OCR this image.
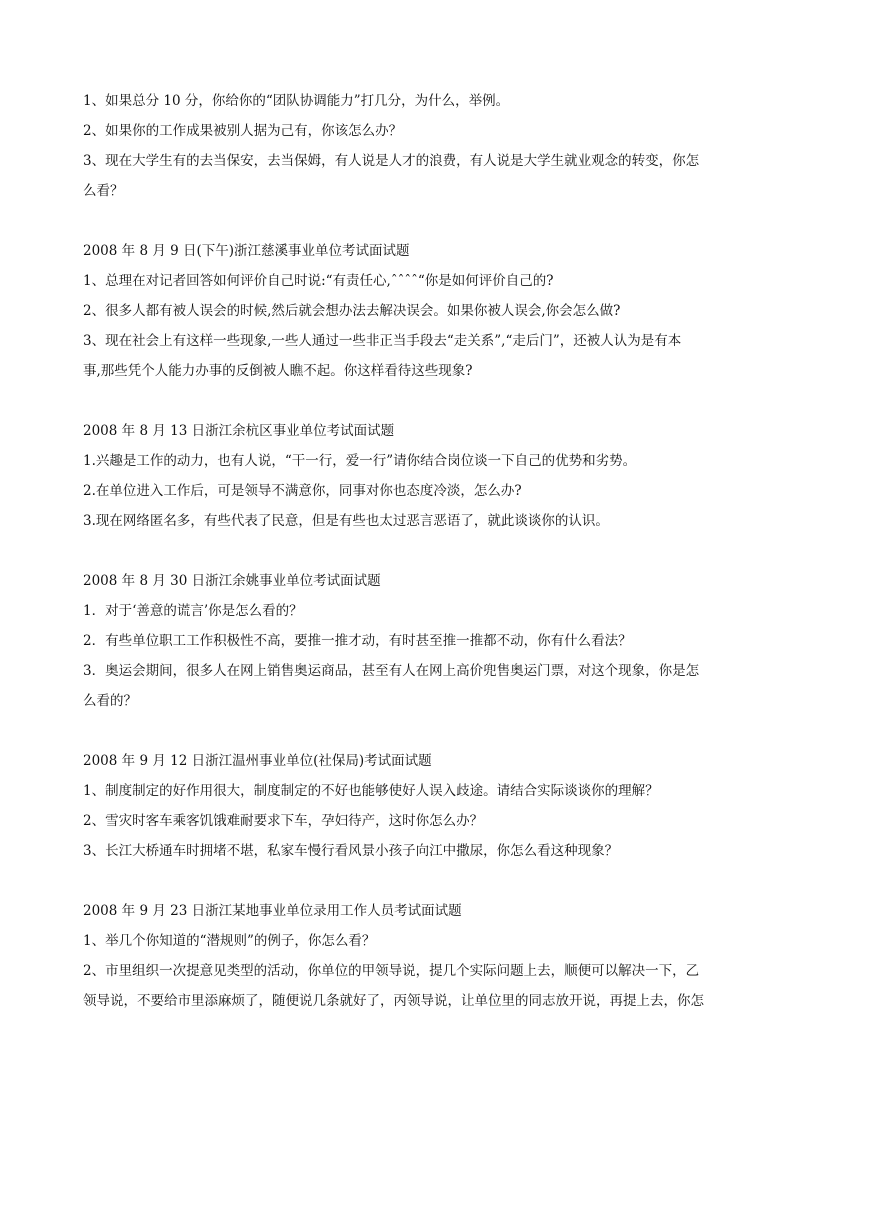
1、如果总分 10 分，你给你的“团队协调能力”打几分，为什么，举例。

2、如果你的工作成果被别人据为己有，你该怎么办？

3、现在大学生有的去当保安，去当保姆，有人说是人才的浪费，有人说是大学生就业观念的转变，你怎

么看？

2008 年 8 月 9 日(下午)浙江慈溪事业单位考试面试题

1、总理在对记者回答如何评价自己时说:“有责任心,ˆˆˆˆ“你是如何评价自己的?

2、很多人都有被人误会的时候,然后就会想办法去解决误会。如果你被人误会,你会怎么做?

3、现在社会上有这样一些现象,一些人通过一些非正当手段去“走关系”,“走后门”，还被人认为是有本

事,那些凭个人能力办事的反倒被人瞧不起。你这样看待这些现象?

2008 年 8 月 13 日浙江余杭区事业单位考试面试题

1.兴趣是工作的动力，也有人说，“干一行，爱一行”请你结合岗位谈一下自己的优势和劣势。

2.在单位进入工作后，可是领导不满意你，同事对你也态度冷淡，怎么办?

3.现在网络匿名多，有些代表了民意，但是有些也太过恶言恶语了，就此谈谈你的认识。

2008 年 8 月 30 日浙江余姚事业单位考试面试题

1．对于‘善意的谎言’你是怎么看的？

2．有些单位职工工作积极性不高，要推一推才动，有时甚至推一推都不动，你有什么看法？

3．奥运会期间，很多人在网上销售奥运商品，甚至有人在网上高价兜售奥运门票，对这个现象，你是怎

么看的？

2008 年 9 月 12 日浙江温州事业单位(社保局)考试面试题

1、制度制定的好作用很大，制度制定的不好也能够使好人误入歧途。请结合实际谈谈你的理解？

2、雪灾时客车乘客饥饿难耐要求下车，孕妇待产，这时你怎么办？

3、长江大桥通车时拥堵不堪，私家车慢行看风景小孩子向江中撒尿，你怎么看这种现象？

2008 年 9 月 23 日浙江某地事业单位录用工作人员考试面试题

1、举几个你知道的“潜规则”的例子，你怎么看？

2、市里组织一次提意见类型的活动，你单位的甲领导说，提几个实际问题上去，顺便可以解决一下，乙

领导说，不要给市里添麻烦了，随便说几条就好了，丙领导说，让单位里的同志放开说，再提上去，你怎
